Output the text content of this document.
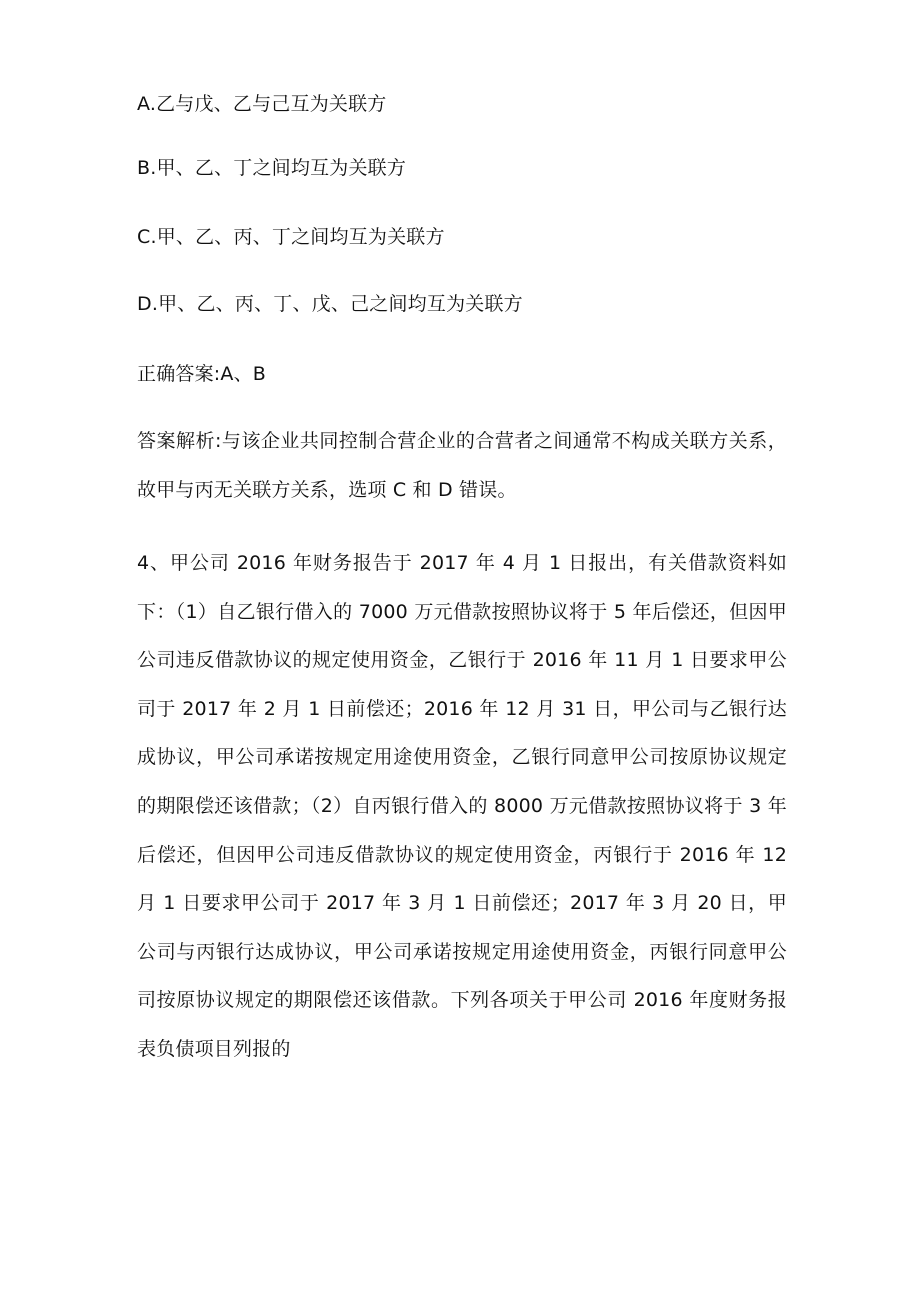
A.乙与戊、乙与己互为关联方
B.甲、乙、丁之间均互为关联方
C.甲、乙、丙、丁之间均互为关联方
D.甲、乙、丙、丁、戊、己之间均互为关联方
正确答案:A、B
答案解析:与该企业共同控制合营企业的合营者之间通常不构成关联方关系，故甲与丙无关联方关系，选项 C 和 D 错误。
4、甲公司 2016 年财务报告于 2017 年 4 月 1 日报出，有关借款资料如下：（1）自乙银行借入的 7000 万元借款按照协议将于 5 年后偿还，但因甲公司违反借款协议的规定使用资金，乙银行于 2016 年 11 月 1 日要求甲公司于 2017 年 2 月 1 日前偿还；2016 年 12 月 31 日，甲公司与乙银行达成协议，甲公司承诺按规定用途使用资金，乙银行同意甲公司按原协议规定的期限偿还该借款；（2）自丙银行借入的 8000 万元借款按照协议将于 3 年后偿还，但因甲公司违反借款协议的规定使用资金，丙银行于 2016 年 12 月 1 日要求甲公司于 2017 年 3 月 1 日前偿还；2017 年 3 月 20 日，甲公司与丙银行达成协议，甲公司承诺按规定用途使用资金，丙银行同意甲公司按原协议规定的期限偿还该借款。下列各项关于甲公司 2016 年度财务报表负债项目列报的
